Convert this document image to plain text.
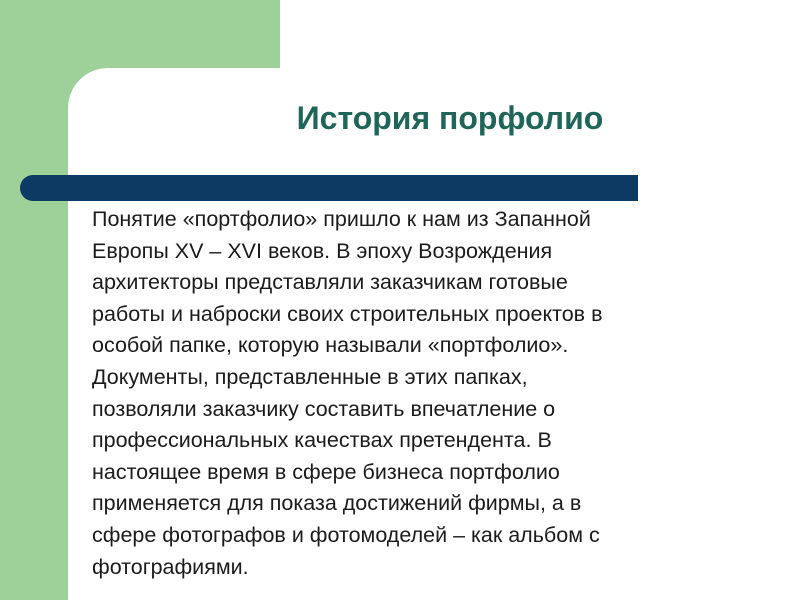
История порфолио

Понятие «портфолио» пришло к нам из Запанной
Европы XV – XVI веков. В эпоху Возрождения
архитекторы представляли заказчикам готовые
работы и наброски своих строительных проектов в
особой папке, которую называли «портфолио».
Документы, представленные в этих папках,
позволяли заказчику составить впечатление о
профессиональных качествах претендента. В
настоящее время в сфере бизнеса портфолио
применяется для показа достижений фирмы, а в
сфере фотографов и фотомоделей – как альбом с
фотографиями.
